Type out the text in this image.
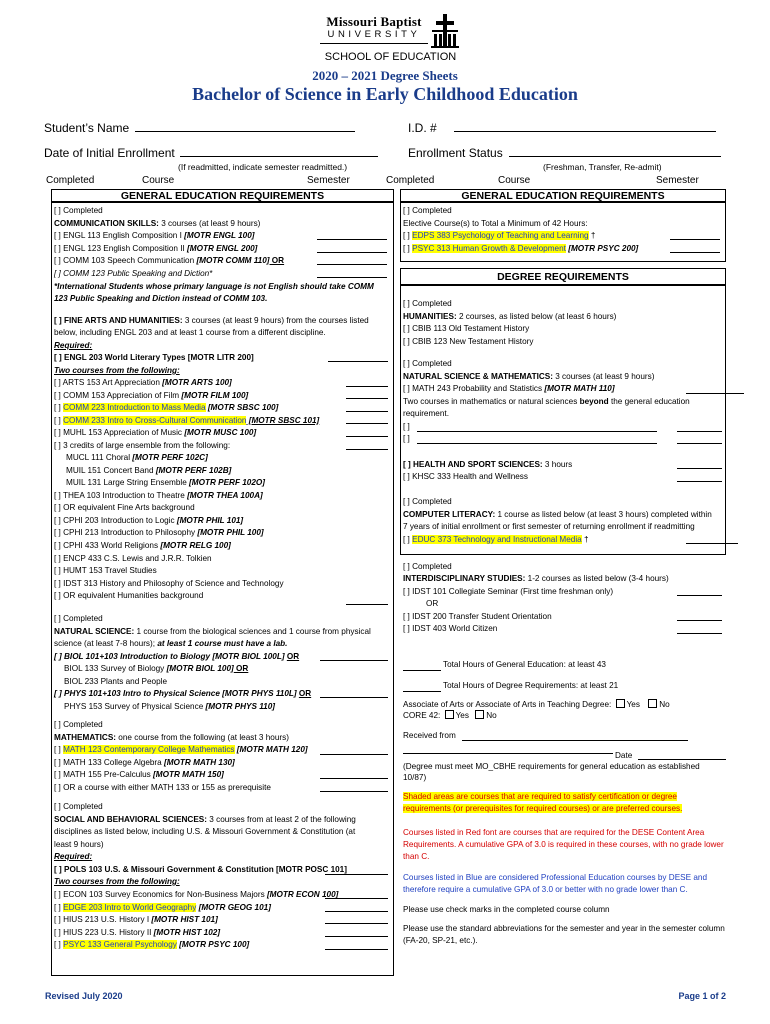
Missouri Baptist
UNIVERSITY
SCHOOL OF EDUCATION
2020 – 2021 Degree Sheets
Bachelor of Science in Early Childhood Education
Student’s Name	I.D. #
Date of Initial Enrollment	Enrollment Status
(If readmitted, indicate semester readmitted.)	(Freshman, Transfer, Re-admit)
Completed	Course	Semester	Completed	Course	Semester
GENERAL EDUCATION REQUIREMENTS
[ ] Completed
COMMUNICATION SKILLS: 3 courses (at least 9 hours)
[ ] ENGL 113 English Composition I [MOTR ENGL 100]
[ ] ENGL 123 English Composition II [MOTR ENGL 200]
[ ] COMM 103 Speech Communication [MOTR COMM 110] OR
[ ] COMM 123 Public Speaking and Diction*
*International Students whose primary language is not English should take COMM
123 Public Speaking and Diction instead of COMM 103.
[ ] FINE ARTS AND HUMANITIES: 3 courses (at least 9 hours) from the courses listed
below, including ENGL 203 and at least 1 course from a different discipline.
Required:
[ ] ENGL 203 World Literary Types [MOTR LITR 200]
Two courses from the following:
[ ] ARTS 153 Art Appreciation [MOTR ARTS 100]
[ ] COMM 153 Appreciation of Film [MOTR FILM 100]
[ ] COMM 223 Introduction to Mass Media [MOTR SBSC 100]
[ ] COMM 233 Intro to Cross-Cultural Communication [MOTR SBSC 101]
[ ] MUHL 153 Appreciation of Music [MOTR MUSC 100]
[ ] 3 credits of large ensemble from the following:
MUCL 111 Choral [MOTR PERF 102C]
MUIL 151 Concert Band [MOTR PERF 102B]
MUIL 131 Large String Ensemble [MOTR PERF 102O]
[ ] THEA 103 Introduction to Theatre [MOTR THEA 100A]
[ ] OR equivalent Fine Arts background
[ ] CPHI 203 Introduction to Logic [MOTR PHIL 101]
[ ] CPHI 213 Introduction to Philosophy [MOTR PHIL 100]
[ ] CPHI 433 World Religions [MOTR RELG 100]
[ ] ENCP 433 C.S. Lewis and J.R.R. Tolkien
[ ] HUMT 153 Travel Studies
[ ] IDST 313 History and Philosophy of Science and Technology
[ ] OR equivalent Humanities background
[ ] Completed
NATURAL SCIENCE: 1 course from the biological sciences and 1 course from physical
science (at least 7-8 hours); at least 1 course must have a lab.
[ ] BIOL 101+103 Introduction to Biology [MOTR BIOL 100L] OR
BIOL 133 Survey of Biology [MOTR BIOL 100] OR
BIOL 233 Plants and People
[ ] PHYS 101+103 Intro to Physical Science [MOTR PHYS 110L] OR
PHYS 153 Survey of Physical Science [MOTR PHYS 110]
[ ] Completed
MATHEMATICS: one course from the following (at least 3 hours)
[ ] MATH 123 Contemporary College Mathematics [MOTR MATH 120]
[ ] MATH 133 College Algebra [MOTR MATH 130]
[ ] MATH 155 Pre-Calculus [MOTR MATH 150]
[ ] OR a course with either MATH 133 or 155 as prerequisite
[ ] Completed
SOCIAL AND BEHAVIORAL SCIENCES: 3 courses from at least 2 of the following
disciplines as listed below, including U.S. & Missouri Government & Constitution (at
least 9 hours)
Required:
[ ] POLS 103 U.S. & Missouri Government & Constitution [MOTR POSC 101]
Two courses from the following:
[ ] ECON 103 Survey Economics for Non-Business Majors [MOTR ECON 100]
[ ] EDGE 203 Intro to World Geography [MOTR GEOG 101]
[ ] HIUS 213 U.S. History I [MOTR HIST 101]
[ ] HIUS 223 U.S. History II [MOTR HIST 102]
[ ] PSYC 133 General Psychology [MOTR PSYC 100]
GENERAL EDUCATION REQUIREMENTS
[ ] Completed
Elective Course(s) to Total a Minimum of 42 Hours:
[ ] EDPS 383 Psychology of Teaching and Learning †
[ ] PSYC 313 Human Growth & Development [MOTR PSYC 200]
DEGREE REQUIREMENTS
[ ] Completed
HUMANITIES: 2 courses, as listed below (at least 6 hours)
[ ] CBIB 113 Old Testament History
[ ] CBIB 123 New Testament History
[ ] Completed
NATURAL SCIENCE & MATHEMATICS: 3 courses (at least 9 hours)
[ ] MATH 243 Probability and Statistics [MOTR MATH 110]
Two courses in mathematics or natural sciences beyond the general education
requirement.
[ ]
[ ]
[ ] HEALTH AND SPORT SCIENCES: 3 hours
[ ] KHSC 333 Health and Wellness
[ ] Completed
COMPUTER LITERACY: 1 course as listed below (at least 3 hours) completed within
7 years of initial enrollment or first semester of returning enrollment if readmitting
[ ] EDUC 373 Technology and Instructional Media †
[ ] Completed
INTERDISCIPLINARY STUDIES: 1-2 courses as listed below (3-4 hours)
[ ] IDST 101 Collegiate Seminar (First time freshman only)
OR
[ ] IDST 200 Transfer Student Orientation
[ ] IDST 403 World Citizen
Total Hours of General Education: at least 43
Total Hours of Degree Requirements: at least 21
Associate of Arts or Associate of Arts in Teaching Degree: Yes No
CORE 42: Yes No
Received from
Date
(Degree must meet MO_CBHE requirements for general education as established
10/87)
Shaded areas are courses that are required to satisfy certification or degree requirements (or prerequisites for required courses) or are preferred courses.
Courses listed in Red font are courses that are required for the DESE Content Area Requirements. A cumulative GPA of 3.0 is required in these courses, with no grade lower than C.
Courses listed in Blue are considered Professional Education courses by DESE and therefore require a cumulative GPA of 3.0 or better with no grade lower than C.
Please use check marks in the completed course column
Please use the standard abbreviations for the semester and year in the semester column (FA-20, SP-21, etc.).
Revised July 2020	Page 1 of 2
